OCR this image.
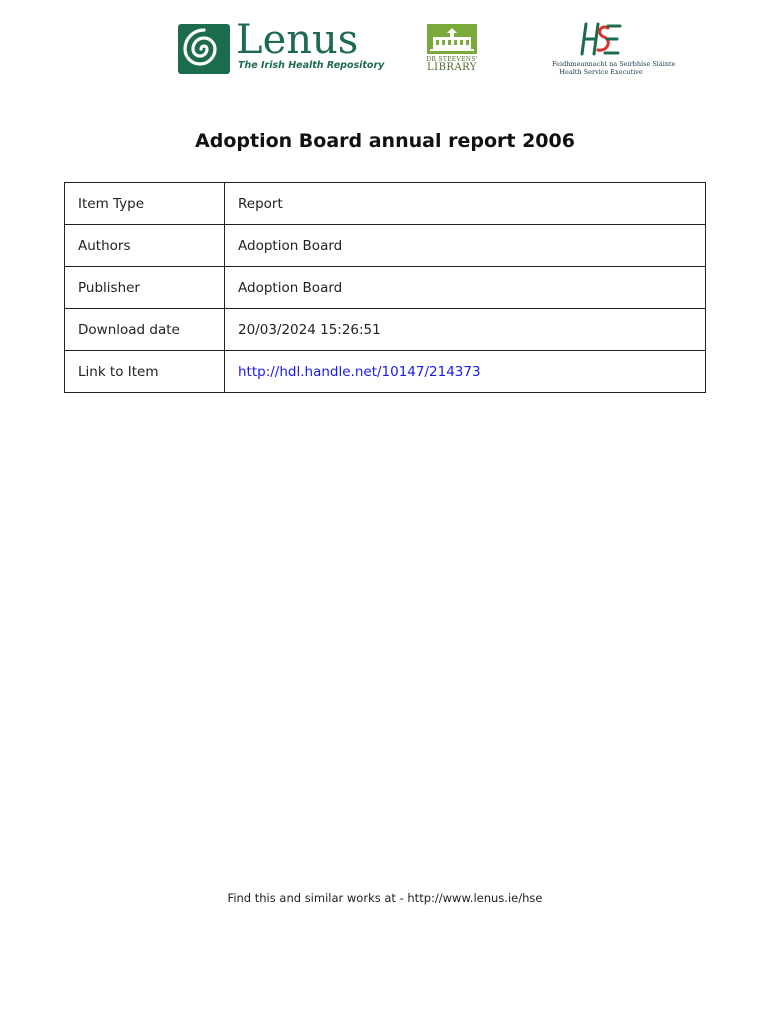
Lenus
The Irish Health Repository
DR STEEVENS'
LIBRARY	Feidhmeannacht na Seirbhíse Sláinte
Health Service Executive
Adoption Board annual report 2006
Item Type	Report
Authors	Adoption Board
Publisher	Adoption Board
Download date	20/03/2024 15:26:51
Link to Item	http://hdl.handle.net/10147/214373
Find this and similar works at - http://www.lenus.ie/hse
